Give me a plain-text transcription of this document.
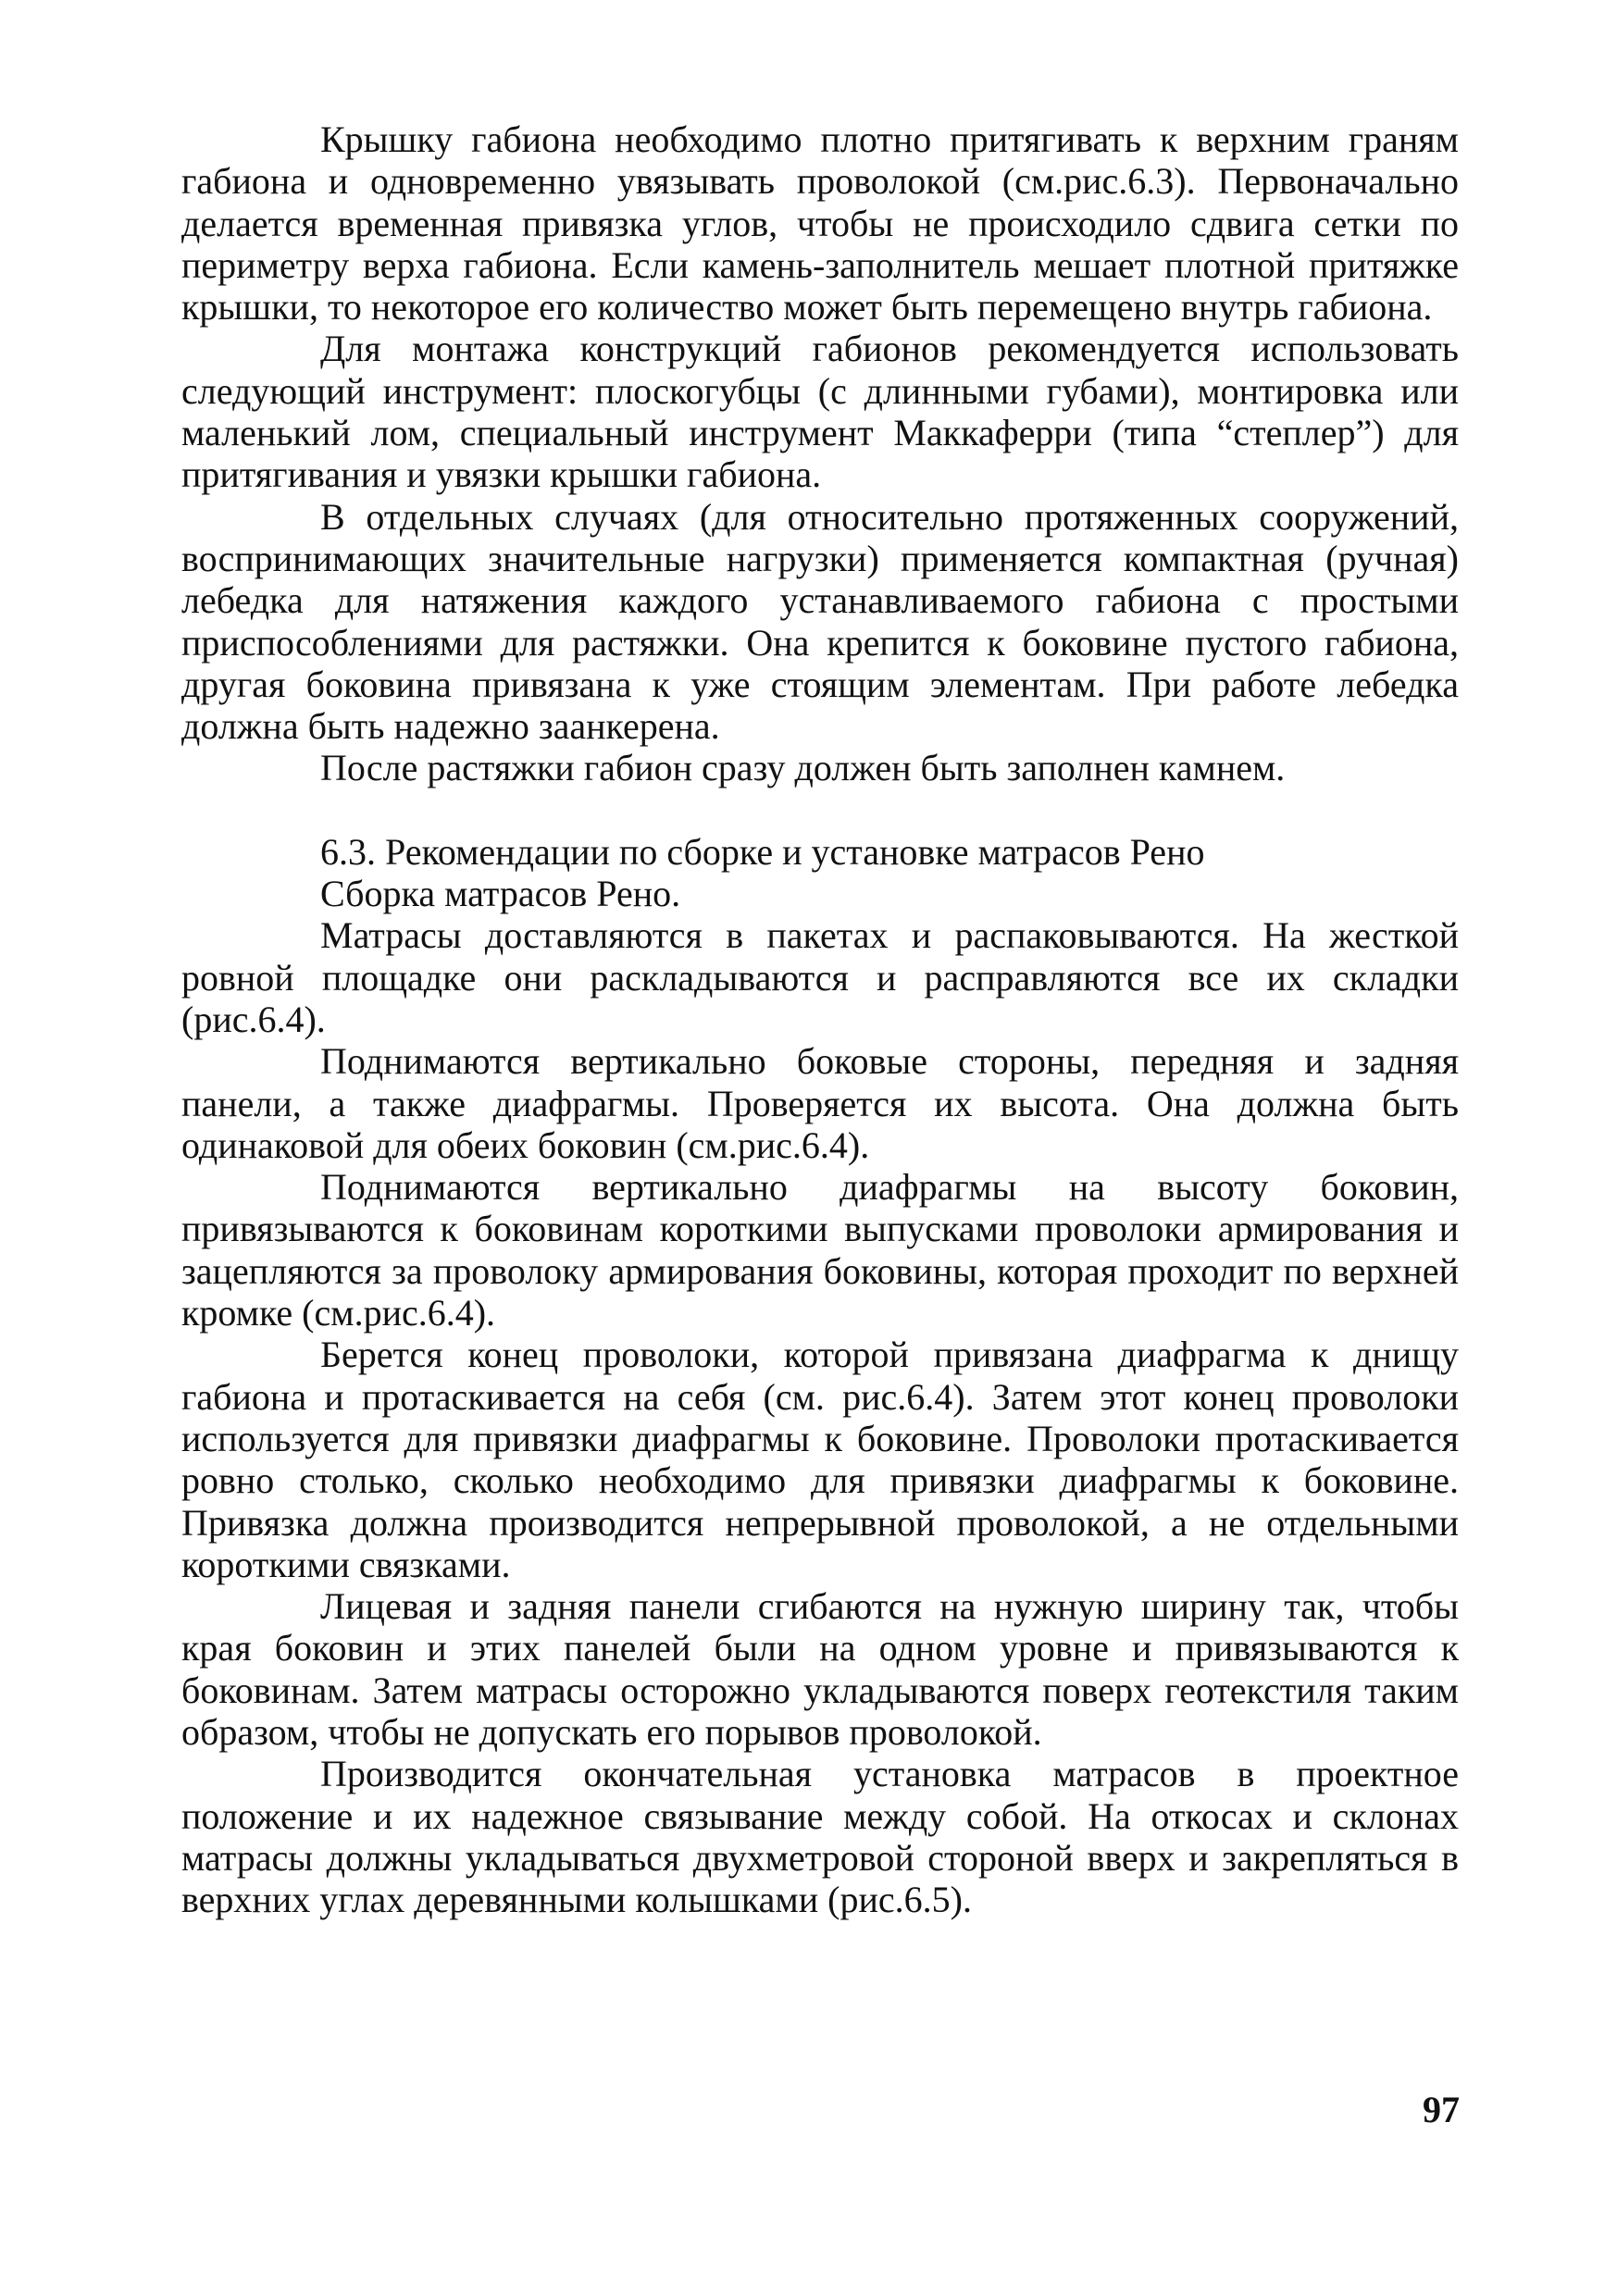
Крышку габиона необходимо плотно притягивать к верхним граням габиона и одновременно увязывать проволокой (см.рис.6.3). Первоначально делается временная привязка углов, чтобы не происходило сдвига сетки по периметру верха габиона. Если камень-заполнитель мешает плотной притяжке крышки, то некоторое его количество может быть перемещено внутрь габиона.

Для монтажа конструкций габионов рекомендуется использовать следующий инструмент: плоскогубцы (с длинными губами), монтировка или маленький лом, специальный инструмент Маккаферри (типа “степлер”) для притягивания и увязки крышки габиона.

В отдельных случаях (для относительно протяженных сооружений, воспринимающих значительные нагрузки) применяется компактная (ручная) лебедка для натяжения каждого устанавливаемого габиона с простыми приспособлениями для растяжки. Она крепится к боковине пустого габиона, другая боковина привязана к уже стоящим элементам. При работе лебедка должна быть надежно заанкерена.

После растяжки габион сразу должен быть заполнен камнем.

6.3. Рекомендации по сборке и установке матрасов Рено

Сборка матрасов Рено.

Матрасы доставляются в пакетах и распаковываются. На жесткой ровной площадке они раскладываются и расправляются все их складки (рис.6.4).

Поднимаются вертикально боковые стороны, передняя и задняя панели, а также диафрагмы. Проверяется их высота. Она должна быть одинаковой для обеих боковин (см.рис.6.4).

Поднимаются вертикально диафрагмы на высоту боковин, привязываются к боковинам короткими выпусками проволоки армирования и зацепляются за проволоку армирования боковины, которая проходит по верхней кромке (см.рис.6.4).

Берется конец проволоки, которой привязана диафрагма к днищу габиона и протаскивается на себя (см. рис.6.4). Затем этот конец проволоки используется для привязки диафрагмы к боковине. Проволоки протаскивается ровно столько, сколько необходимо для привязки диафрагмы к боковине. Привязка должна производится непрерывной проволокой, а не отдельными короткими связками.

Лицевая и задняя панели сгибаются на нужную ширину так, чтобы края боковин и этих панелей были на одном уровне и привязываются к боковинам. Затем матрасы осторожно укладываются поверх геотекстиля таким образом, чтобы не допускать его порывов проволокой.

Производится окончательная установка матрасов в проектное положение и их надежное связывание между собой. На откосах и склонах матрасы должны укладываться двухметровой стороной вверх и закрепляться в верхних углах деревянными колышками (рис.6.5).

97
